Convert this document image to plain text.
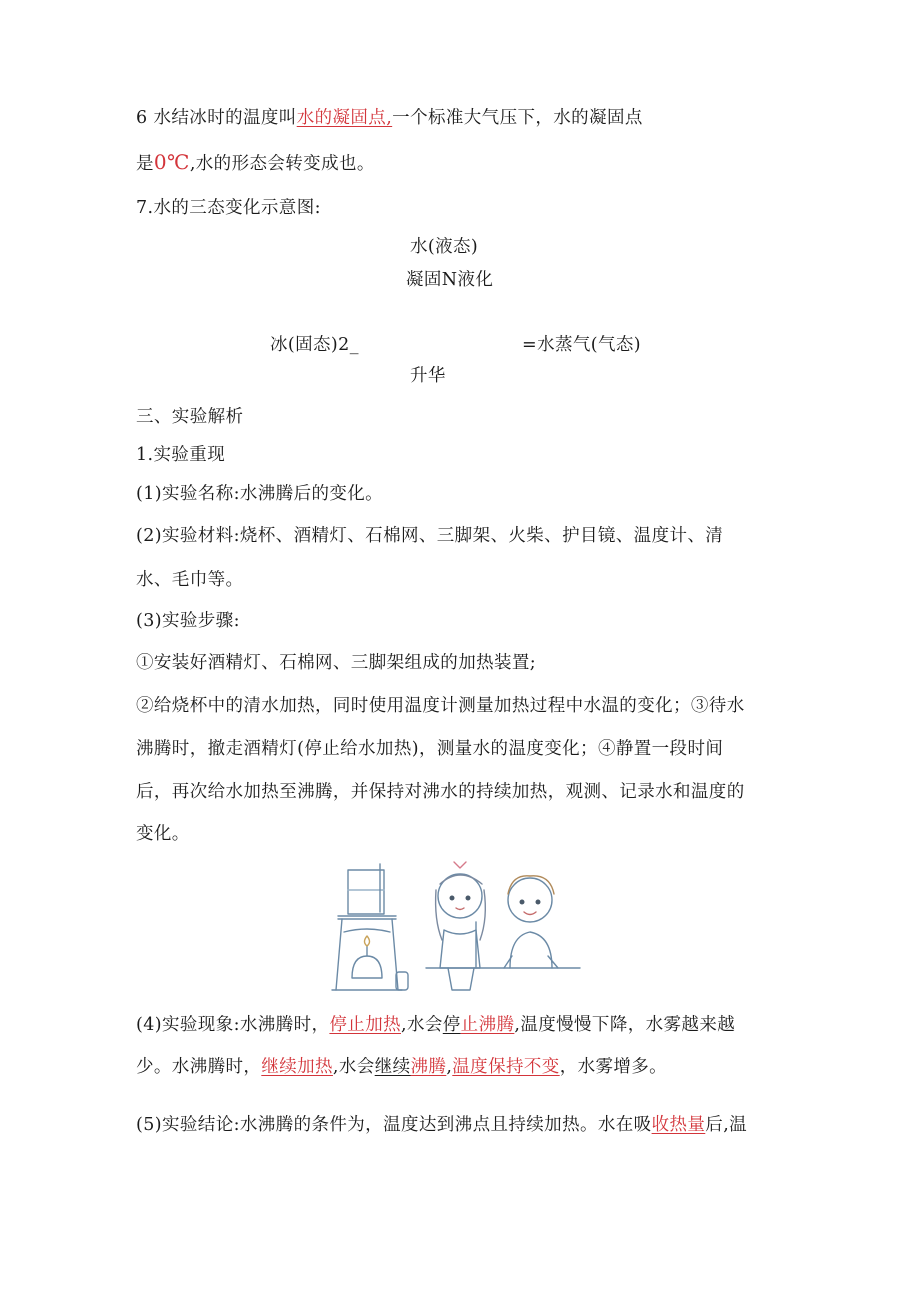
6 水结冰时的温度叫水的凝固点,一个标准大气压下，水的凝固点
是0℃,水的形态会转变成也。
7.水的三态变化示意图:
水(液态)
凝固N液化
冰(固态)2_	=水蒸气(气态)
升华
三、实验解析
1.实验重现
(1)实验名称:水沸腾后的变化。
(2)实验材料:烧杯、酒精灯、石棉网、三脚架、火柴、护目镜、温度计、清
水、毛巾等。
(3)实验步骤:
①安装好酒精灯、石棉网、三脚架组成的加热装置;
②给烧杯中的清水加热，同时使用温度计测量加热过程中水温的变化；③待水
沸腾时，撤走酒精灯(停止给水加热)，测量水的温度变化；④静置一段时间
后，再次给水加热至沸腾，并保持对沸水的持续加热，观测、记录水和温度的
变化。
(4)实验现象:水沸腾时，停止加热,水会停止沸腾,温度慢慢下降，水雾越来越
少。水沸腾时，继续加热,水会继续沸腾,温度保持不变，水雾增多。
(5)实验结论:水沸腾的条件为，温度达到沸点且持续加热。水在吸收热量后,温
